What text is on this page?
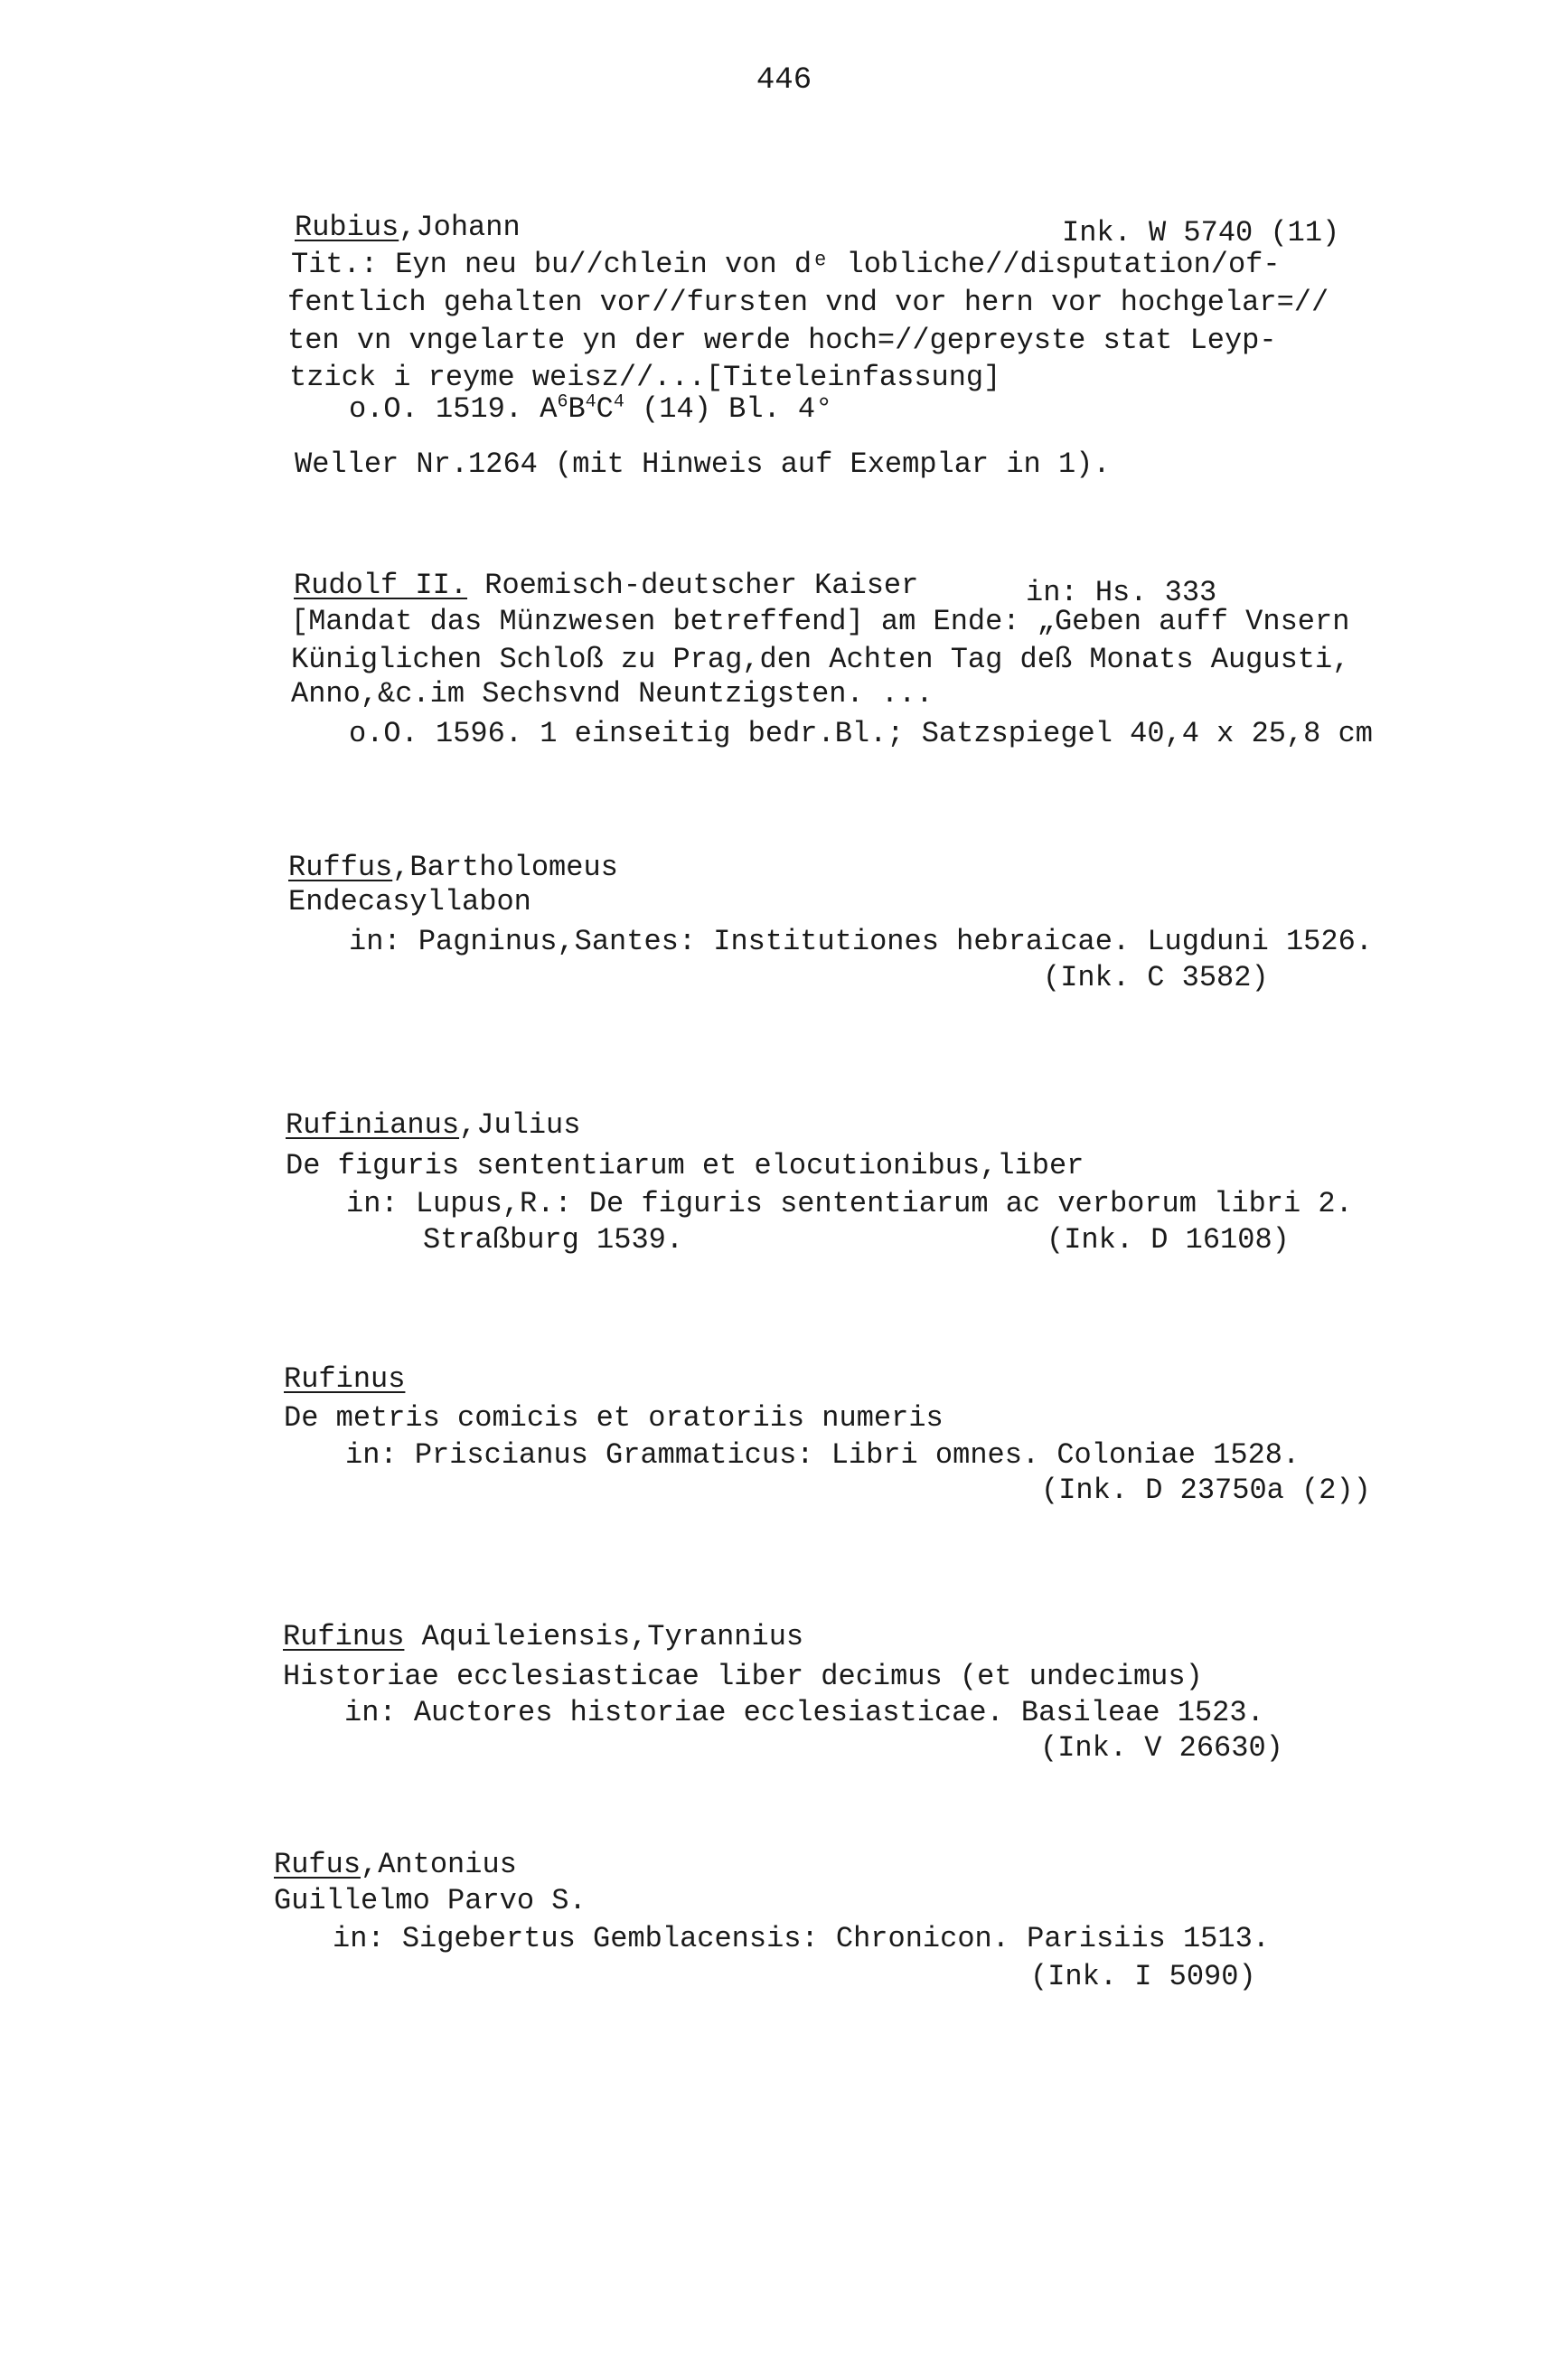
446
Rubius,Johann	Ink. W 5740 (11)
Tit.: Eyn neu bu//chlein von dᵉ lobliche//disputation/of-
fentlich gehalten vor//fursten vnd vor hern vor hochgelar=//
ten vn vngelarte yn der werde hoch=//gepreyste stat Leyp-
tzick i reyme weisz//...[Titeleinfassung]
o.O. 1519. $A^6B^4C^4$ (14) Bl. 4°
Weller Nr.1264 (mit Hinweis auf Exemplar in 1).
Rudolf II. Roemisch-deutscher Kaiser	in: Hs. 333
[Mandat das Münzwesen betreffend] am Ende: „Geben auff Vnsern
Küniglichen Schloß zu Prag,den Achten Tag deß Monats Augusti,
Anno,&c.im Sechsvnd Neuntzigsten. ...
o.O. 1596. 1 einseitig bedr.Bl.; Satzspiegel 40,4 x 25,8 cm
Ruffus,Bartholomeus
Endecasyllabon
in: Pagninus,Santes: Institutiones hebraicae. Lugduni 1526.
(Ink. C 3582)
Rufinianus,Julius
De figuris sententiarum et elocutionibus,liber
in: Lupus,R.: De figuris sententiarum ac verborum libri 2.
Straßburg 1539.	(Ink. D 16108)
Rufinus
De metris comicis et oratoriis numeris
in: Priscianus Grammaticus: Libri omnes. Coloniae 1528.
(Ink. D 23750a (2))
Rufinus Aquileiensis,Tyrannius
Historiae ecclesiasticae liber decimus (et undecimus)
in: Auctores historiae ecclesiasticae. Basileae 1523.
(Ink. V 26630)
Rufus,Antonius
Guillelmo Parvo S.
in: Sigebertus Gemblacensis: Chronicon. Parisiis 1513.
(Ink. I 5090)
